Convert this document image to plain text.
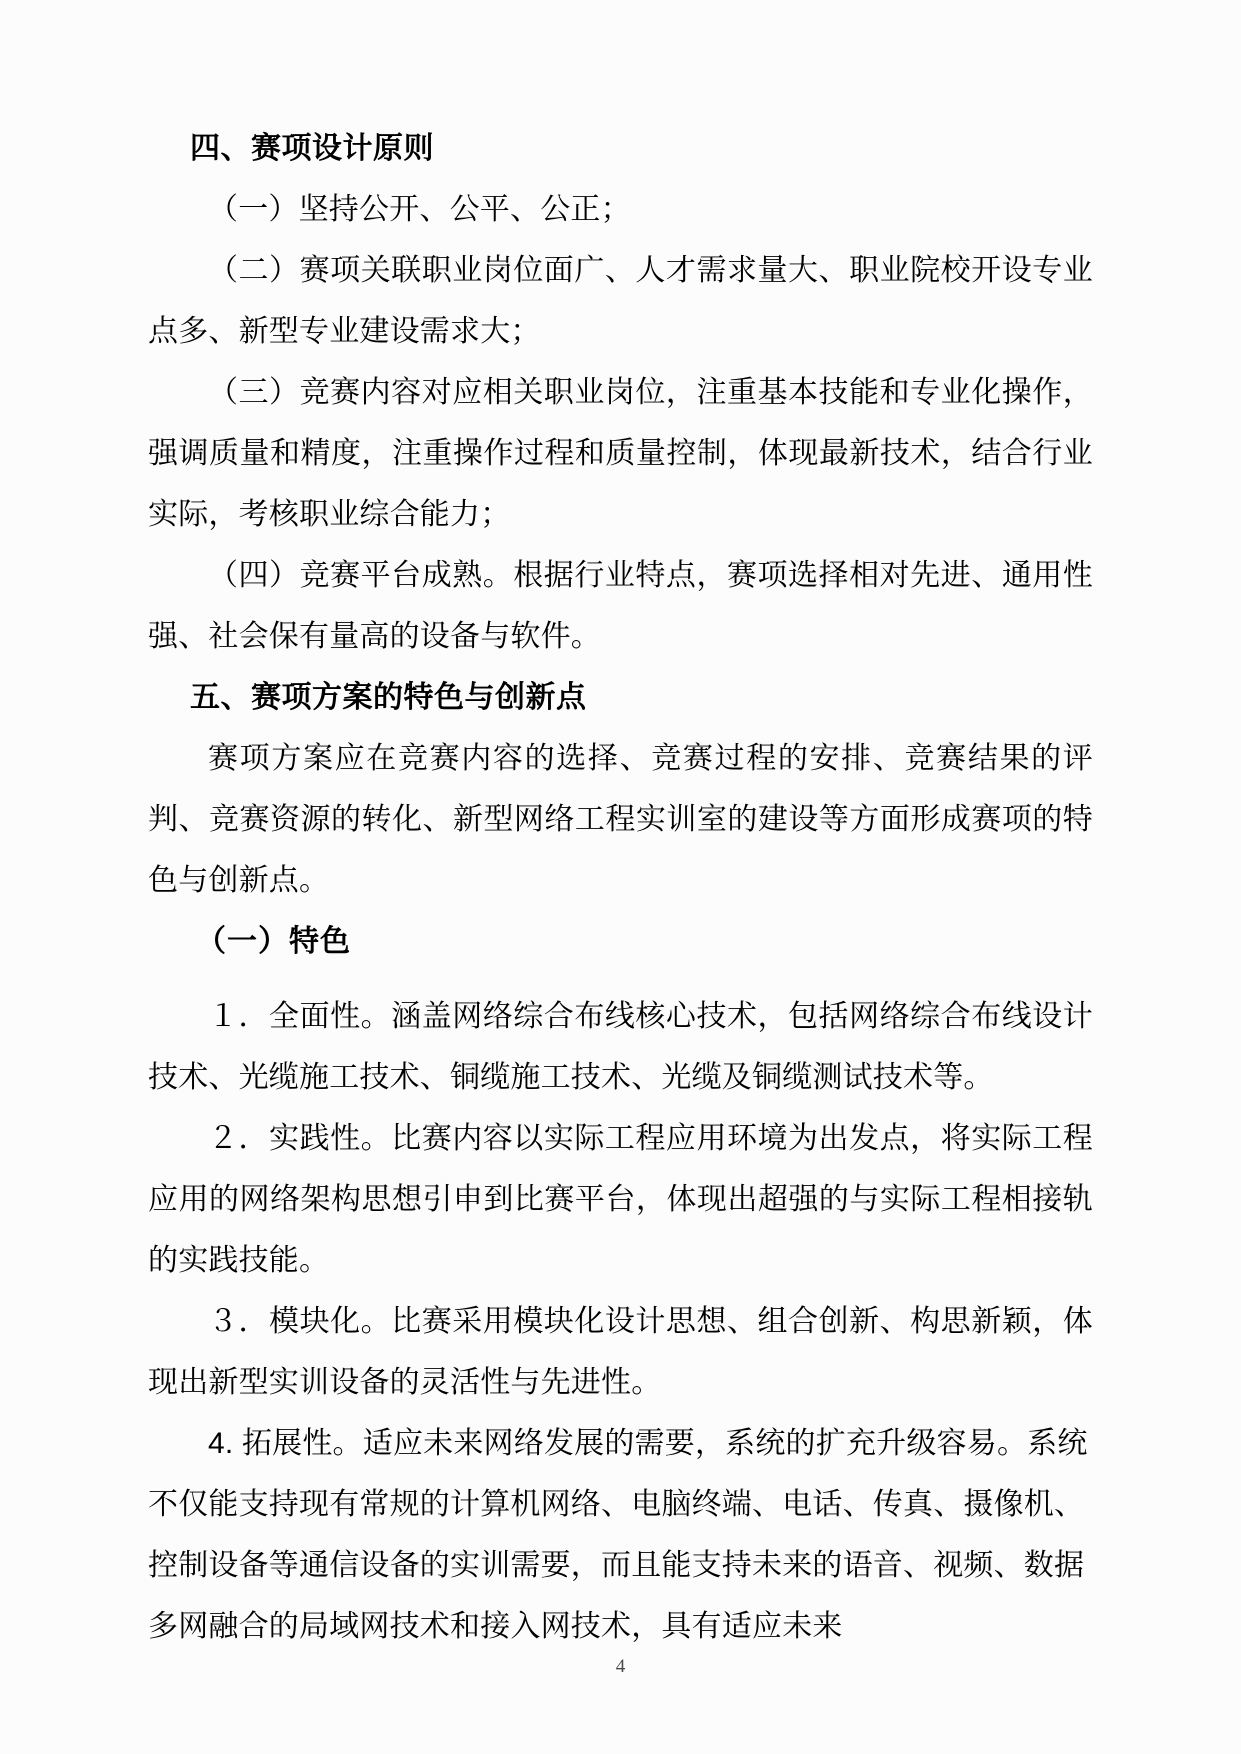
四、赛项设计原则

（一）坚持公开、公平、公正；

（二）赛项关联职业岗位面广、人才需求量大、职业院校开设专业点多、新型专业建设需求大；

（三）竞赛内容对应相关职业岗位，注重基本技能和专业化操作，强调质量和精度，注重操作过程和质量控制，体现最新技术，结合行业实际，考核职业综合能力；

（四）竞赛平台成熟。根据行业特点，赛项选择相对先进、通用性强、社会保有量高的设备与软件。

五、赛项方案的特色与创新点

赛项方案应在竞赛内容的选择、竞赛过程的安排、竞赛结果的评判、竞赛资源的转化、新型网络工程实训室的建设等方面形成赛项的特色与创新点。

（一）特色

１．全面性。涵盖网络综合布线核心技术，包括网络综合布线设计技术、光缆施工技术、铜缆施工技术、光缆及铜缆测试技术等。

２．实践性。比赛内容以实际工程应用环境为出发点，将实际工程应用的网络架构思想引申到比赛平台，体现出超强的与实际工程相接轨的实践技能。

３．模块化。比赛采用模块化设计思想、组合创新、构思新颖，体现出新型实训设备的灵活性与先进性。

4. 拓展性。适应未来网络发展的需要，系统的扩充升级容易。系统不仅能支持现有常规的计算机网络、电脑终端、电话、传真、摄像机、控制设备等通信设备的实训需要，而且能支持未来的语音、视频、数据多网融合的局域网技术和接入网技术，具有适应未来

4
